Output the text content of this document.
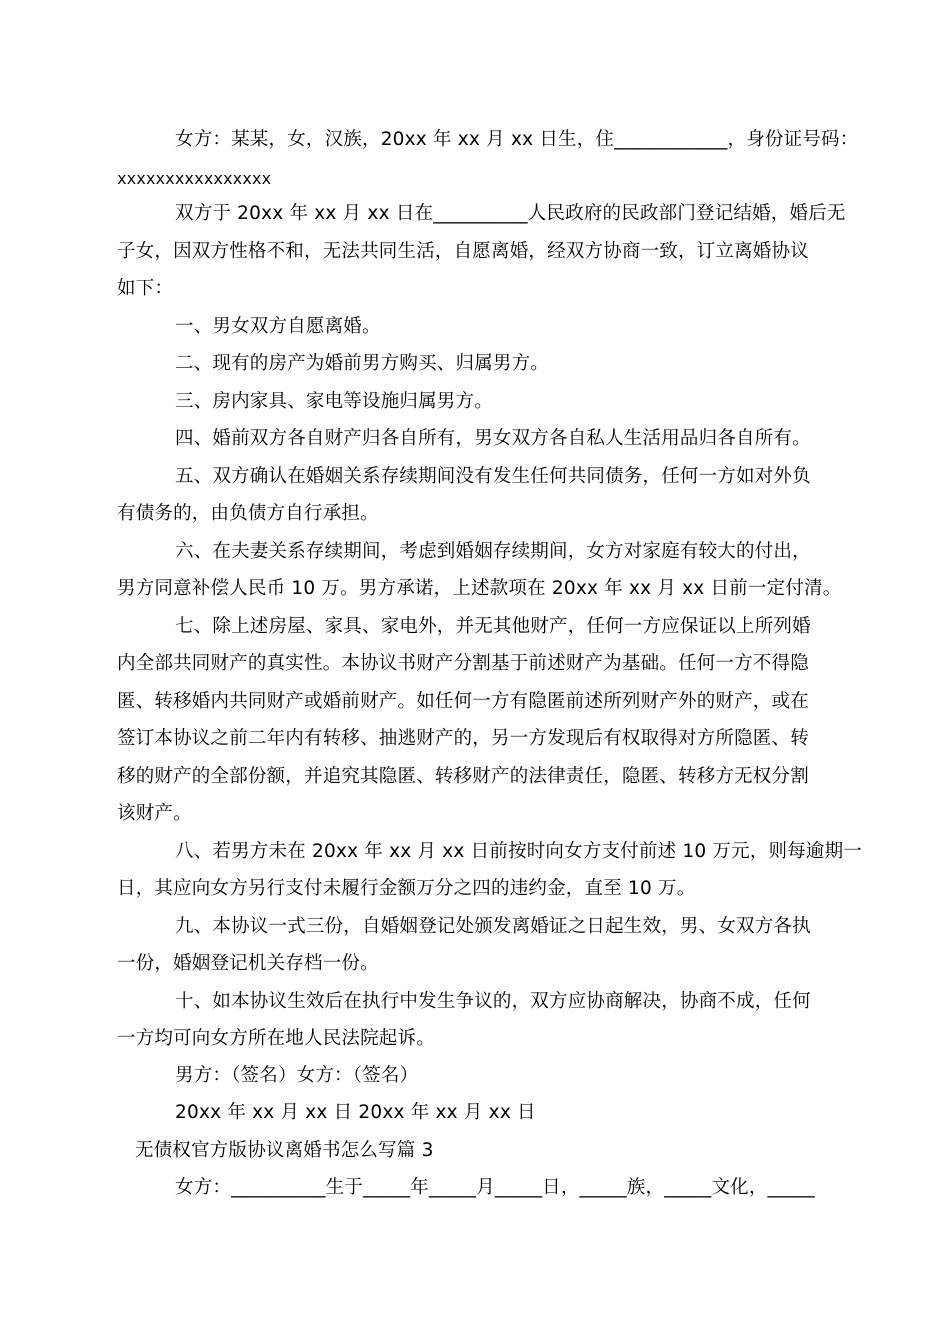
女方：某某，女，汉族，20xx 年 xx 月 xx 日生，住____________，身份证号码：
xxxxxxxxxxxxxxxx
双方于 20xx 年 xx 月 xx 日在__________人民政府的民政部门登记结婚，婚后无
子女，因双方性格不和，无法共同生活，自愿离婚，经双方协商一致，订立离婚协议
如下：
一、男女双方自愿离婚。
二、现有的房产为婚前男方购买、归属男方。
三、房内家具、家电等设施归属男方。
四、婚前双方各自财产归各自所有，男女双方各自私人生活用品归各自所有。
五、双方确认在婚姻关系存续期间没有发生任何共同债务，任何一方如对外负
有债务的，由负债方自行承担。
六、在夫妻关系存续期间，考虑到婚姻存续期间，女方对家庭有较大的付出，
男方同意补偿人民币 10 万。男方承诺，上述款项在 20xx 年 xx 月 xx 日前一定付清。
七、除上述房屋、家具、家电外，并无其他财产，任何一方应保证以上所列婚
内全部共同财产的真实性。本协议书财产分割基于前述财产为基础。任何一方不得隐
匿、转移婚内共同财产或婚前财产。如任何一方有隐匿前述所列财产外的财产，或在
签订本协议之前二年内有转移、抽逃财产的，另一方发现后有权取得对方所隐匿、转
移的财产的全部份额，并追究其隐匿、转移财产的法律责任，隐匿、转移方无权分割
该财产。
八、若男方未在 20xx 年 xx 月 xx 日前按时向女方支付前述 10 万元，则每逾期一
日，其应向女方另行支付未履行金额万分之四的违约金，直至 10 万。
九、本协议一式三份，自婚姻登记处颁发离婚证之日起生效，男、女双方各执
一份，婚姻登记机关存档一份。
十、如本协议生效后在执行中发生争议的，双方应协商解决，协商不成，任何
一方均可向女方所在地人民法院起诉。
男方：（签名）女方：（签名）
20xx 年 xx 月 xx 日 20xx 年 xx 月 xx 日
无债权官方版协议离婚书怎么写篇 3
女方：__________生于_____年_____月_____日，_____族，_____文化，_____
